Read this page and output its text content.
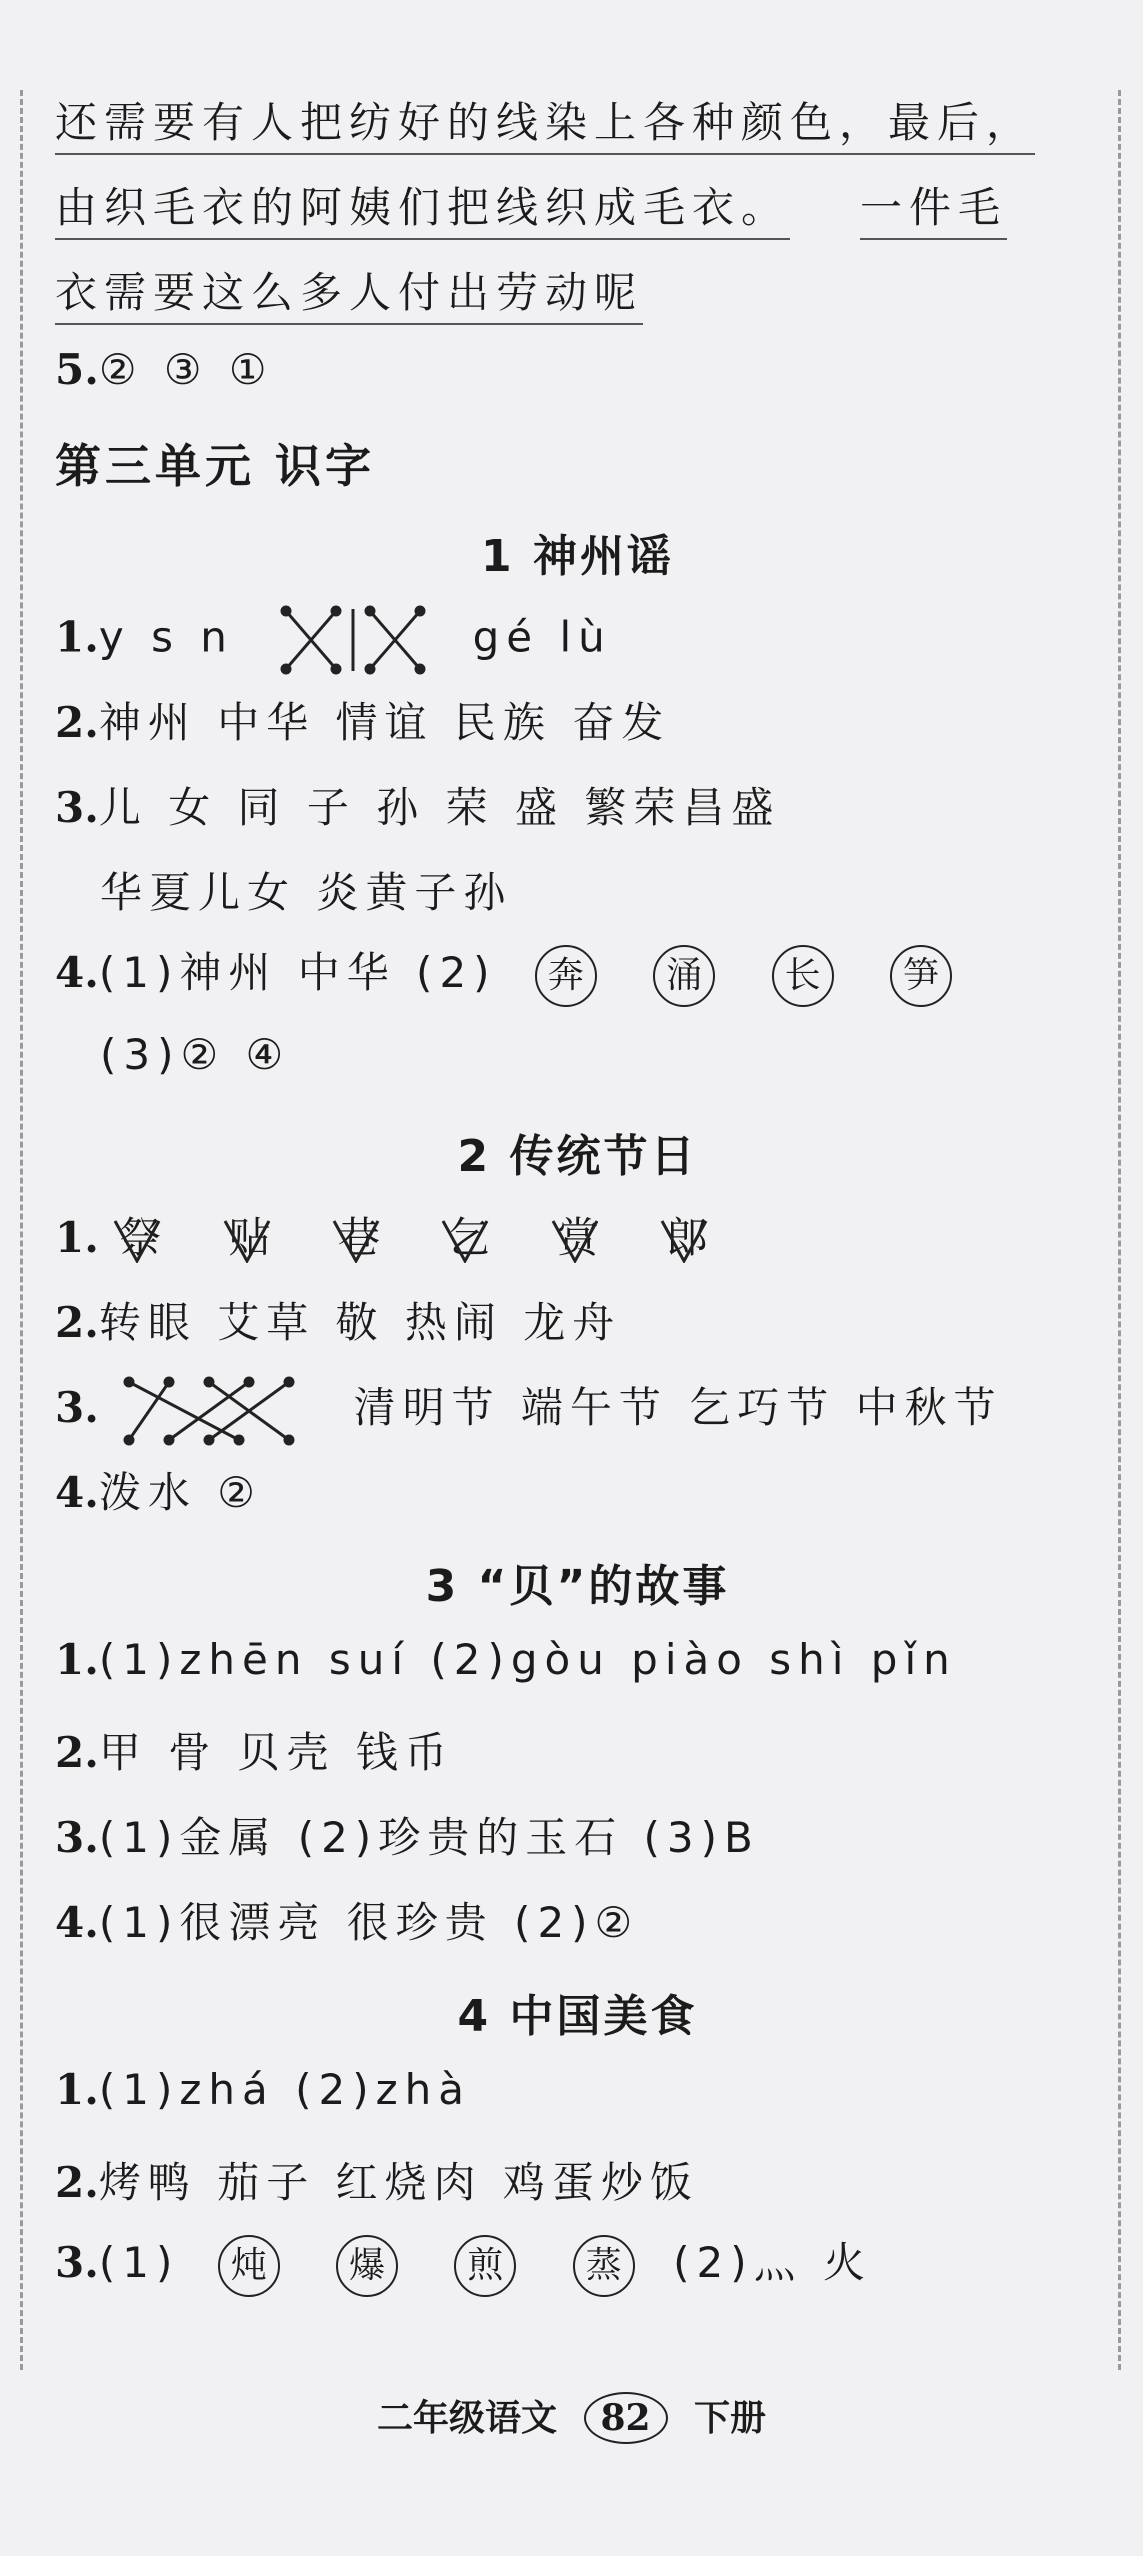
还需要有人把纺好的线染上各种颜色，最后，
由织毛衣的阿姨们把线织成毛衣。 一件毛
衣需要这么多人付出劳动呢
5.② ③ ①
第三单元 识字
1 神州谣
1.y s n	gé lù
2.神州 中华 情谊 民族 奋发
3.儿 女 同 子 孙 荣 盛 繁荣昌盛
华夏儿女 炎黄子孙
4.(1)神州 中华 (2) 奔 涌 长 笋
(3)② ④
2 传统节日
1. 祭 贴 巷 乞 赏 郎
2.转眼 艾草 敬 热闹 龙舟
3.	清明节 端午节 乞巧节 中秋节
4.泼水 ②
3 “贝”的故事
1.(1)zhēn suí (2)gòu piào shì pǐn
2.甲 骨 贝壳 钱币
3.(1)金属 (2)珍贵的玉石 (3)B
4.(1)很漂亮 很珍贵 (2)②
4 中国美食
1.(1)zhá (2)zhà
2.烤鸭 茄子 红烧肉 鸡蛋炒饭
3.(1) 炖 爆 煎 蒸 (2)灬 火
二年级语文 82 下册
